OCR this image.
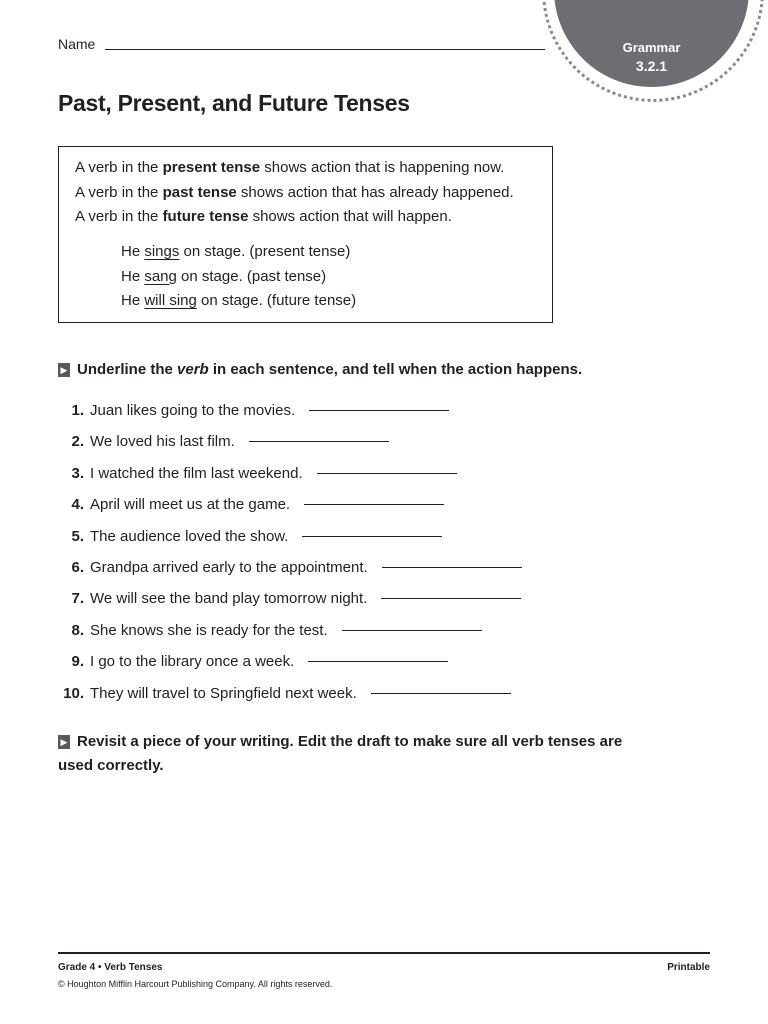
Grammar
3.2.1
Name
Past, Present, and Future Tenses
A verb in the present tense shows action that is happening now.
A verb in the past tense shows action that has already happened.
A verb in the future tense shows action that will happen.
He sings on stage. (present tense)
He sang on stage. (past tense)
He will sing on stage. (future tense)
▶ Underline the verb in each sentence, and tell when the action happens.
1. Juan likes going to the movies.
2. We loved his last film.
3. I watched the film last weekend.
4. April will meet us at the game.
5. The audience loved the show.
6. Grandpa arrived early to the appointment.
7. We will see the band play tomorrow night.
8. She knows she is ready for the test.
9. I go to the library once a week.
10. They will travel to Springfield next week.
▶ Revisit a piece of your writing. Edit the draft to make sure all verb tenses are used correctly.
Grade 4 • Verb Tenses
© Houghton Mifflin Harcourt Publishing Company. All rights reserved.
Printable
